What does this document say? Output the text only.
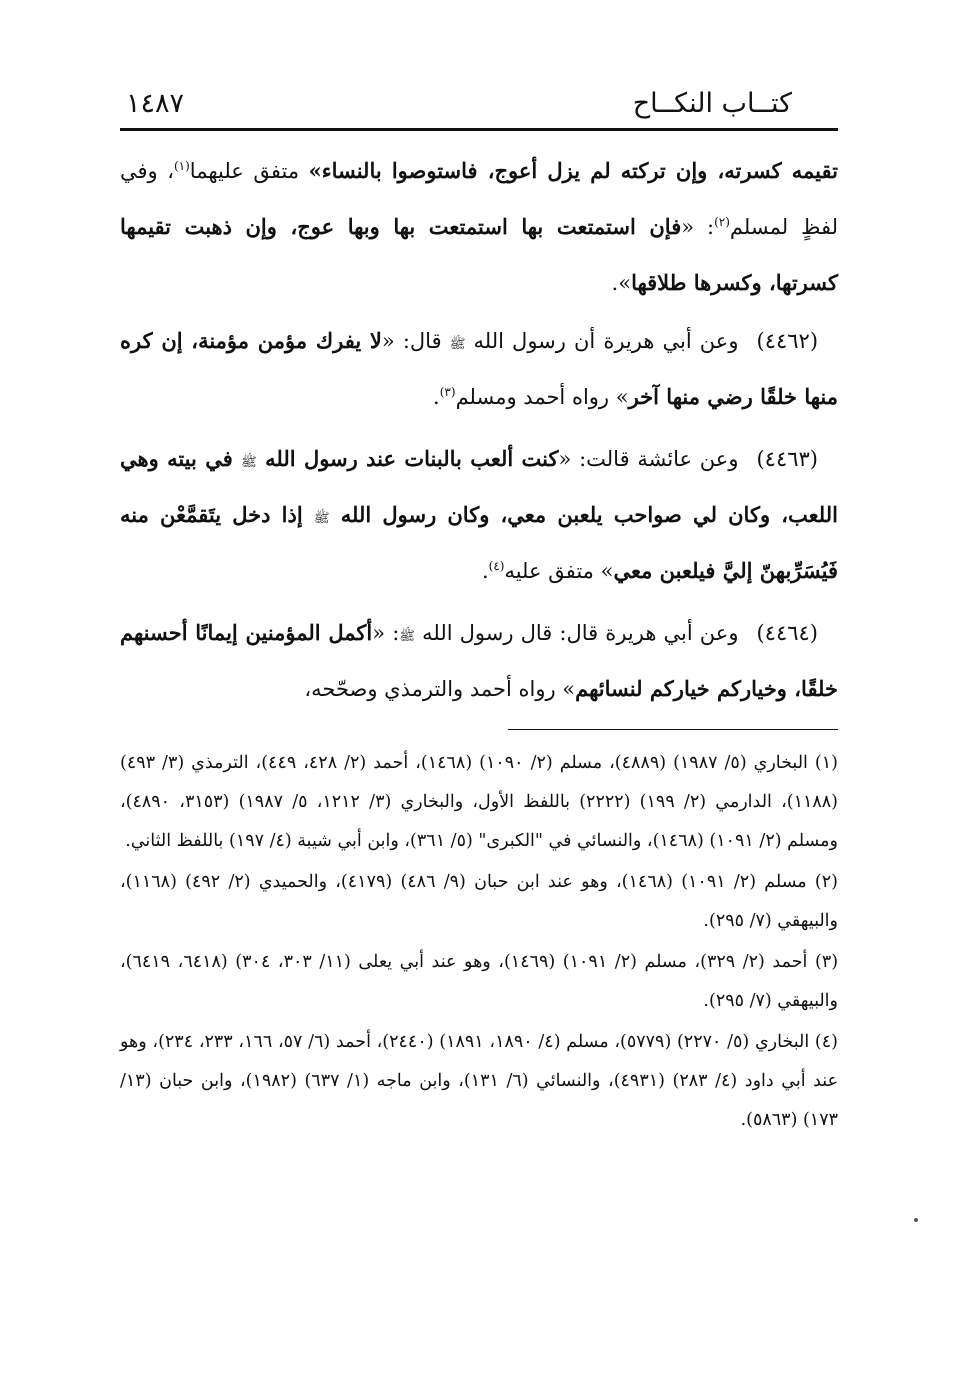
كتــاب النكــاح
١٤٨٧

تقيمه كسرته، وإن تركته لم يزل أعوج، فاستوصوا بالنساء» متفق عليهما$^{(١)}$، وفي لفظٍ لمسلم$^{(٢)}$: «فإن استمتعت بها استمتعت بها وبها عوج، وإن ذهبت تقيمها كسرتها، وكسرها طلاقها».

(٤٤٦٢)وعن أبي هريرة أن رسول الله ﷺ قال: «لا يفرك مؤمن مؤمنة، إن كره منها خلقًا رضي منها آخر» رواه أحمد ومسلم$^{(٣)}$.

(٤٤٦٣)وعن عائشة قالت: «كنت ألعب بالبنات عند رسول الله ﷺ في بيته وهي اللعب، وكان لي صواحب يلعبن معي، وكان رسول الله ﷺ إذا دخل يتَقمَّعْن منه فَيُسَرِّبهنّ إليَّ فيلعبن معي» متفق عليه$^{(٤)}$.

(٤٤٦٤)وعن أبي هريرة قال: قال رسول الله ﷺ: «أكمل المؤمنين إيمانًا أحسنهم خلقًا، وخياركم خياركم لنسائهم» رواه أحمد والترمذي وصحّحه،

(١) البخاري (٥/ ١٩٨٧) (٤٨٨٩)، مسلم (٢/ ١٠٩٠) (١٤٦٨)، أحمد (٢/ ٤٢٨، ٤٤٩)، الترمذي (٣/ ٤٩٣) (١١٨٨)، الدارمي (٢/ ١٩٩) (٢٢٢٢) باللفظ الأول، والبخاري (٣/ ١٢١٢، ٥/ ١٩٨٧) (٣١٥٣، ٤٨٩٠)، ومسلم (٢/ ١٠٩١) (١٤٦٨)، والنسائي في "الكبرى" (٥/ ٣٦١)، وابن أبي شيبة (٤/ ١٩٧) باللفظ الثاني.

(٢) مسلم (٢/ ١٠٩١) (١٤٦٨)، وهو عند ابن حبان (٩/ ٤٨٦) (٤١٧٩)، والحميدي (٢/ ٤٩٢) (١١٦٨)، والبيهقي (٧/ ٢٩٥).

(٣) أحمد (٢/ ٣٢٩)، مسلم (٢/ ١٠٩١) (١٤٦٩)، وهو عند أبي يعلى (١١/ ٣٠٣، ٣٠٤) (٦٤١٨، ٦٤١٩)، والبيهقي (٧/ ٢٩٥).

(٤) البخاري (٥/ ٢٢٧٠) (٥٧٧٩)، مسلم (٤/ ١٨٩٠، ١٨٩١) (٢٤٤٠)، أحمد (٦/ ٥٧، ١٦٦، ٢٣٣، ٢٣٤)، وهو عند أبي داود (٤/ ٢٨٣) (٤٩٣١)، والنسائي (٦/ ١٣١)، وابن ماجه (١/ ٦٣٧) (١٩٨٢)، وابن حبان (١٣/ ١٧٣) (٥٨٦٣).
